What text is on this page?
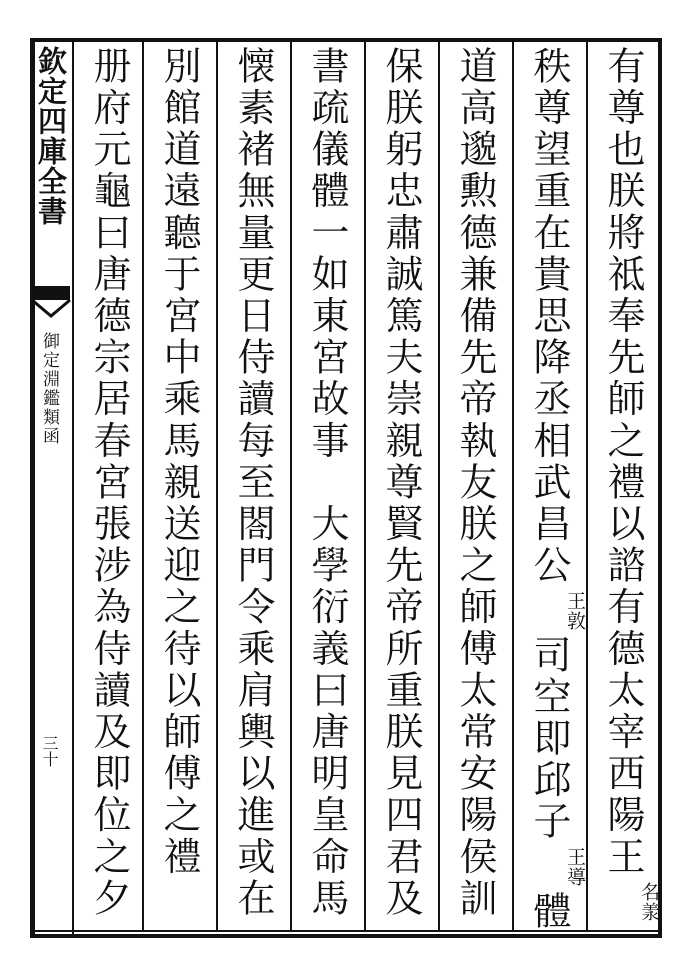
欽定四庫全書
御定淵鑑類函
三十	有尊也朕將祗奉先師之禮以諮有德太宰西陽王名羕
秩尊望重在貴思降丞相武昌公王敦司空即邱子王導體
道高邈勲德兼備先帝執友朕之師傅太常安陽侯訓
保朕躬忠肅誠篤夫崇親尊賢先帝所重朕見四君及
書疏儀體一如東宮故事　大學衍義曰唐明皇命馬
懐素褚無量更日侍讀每至閤門令乘肩輿以進或在
別館道遠聽于宮中乘馬親送迎之待以師傅之禮
册府元龜曰唐德宗居春宮張涉為侍讀及即位之夕
